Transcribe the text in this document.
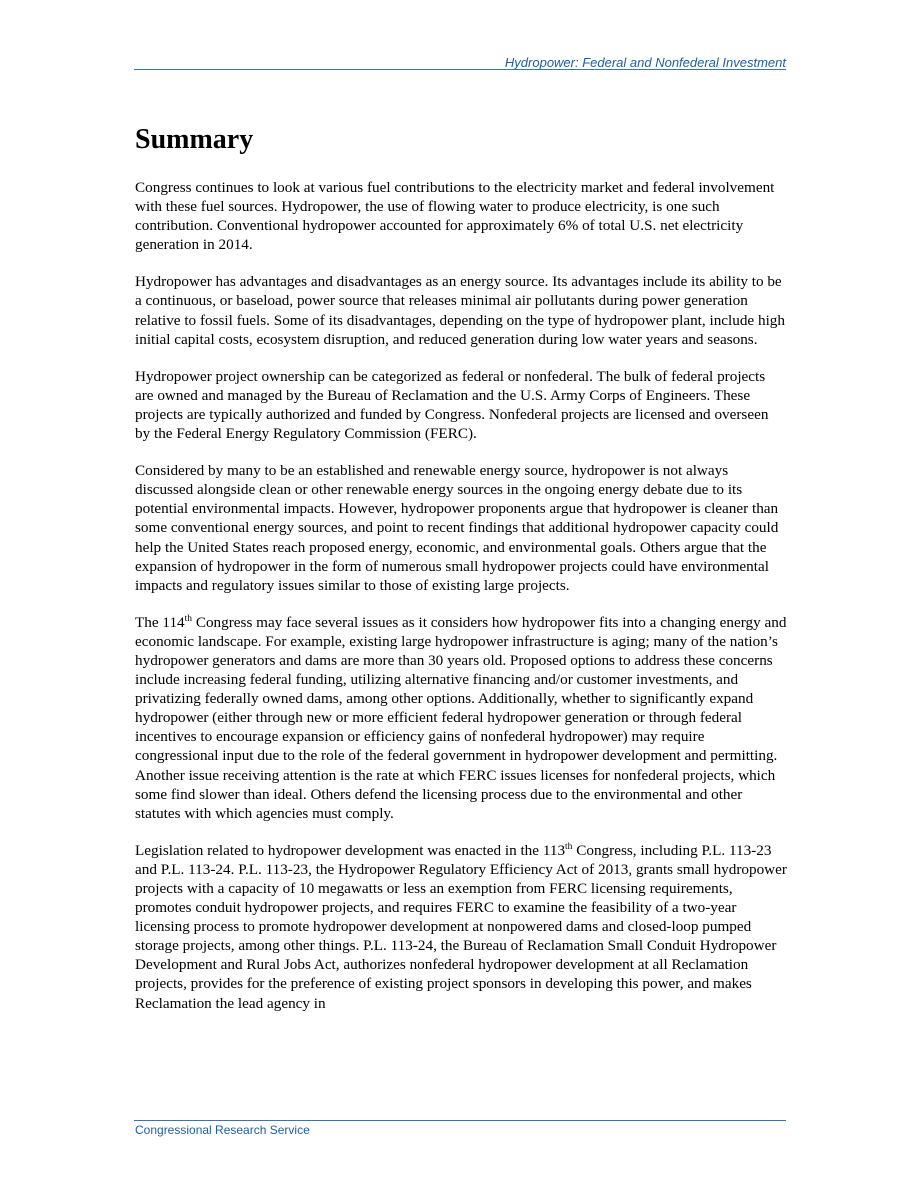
Hydropower: Federal and Nonfederal Investment
Summary

Congress continues to look at various fuel contributions to the electricity market and federal involvement with these fuel sources. Hydropower, the use of flowing water to produce electricity, is one such contribution. Conventional hydropower accounted for approximately 6% of total U.S. net electricity generation in 2014.

Hydropower has advantages and disadvantages as an energy source. Its advantages include its ability to be a continuous, or baseload, power source that releases minimal air pollutants during power generation relative to fossil fuels. Some of its disadvantages, depending on the type of hydropower plant, include high initial capital costs, ecosystem disruption, and reduced generation during low water years and seasons.

Hydropower project ownership can be categorized as federal or nonfederal. The bulk of federal projects are owned and managed by the Bureau of Reclamation and the U.S. Army Corps of Engineers. These projects are typically authorized and funded by Congress. Nonfederal projects are licensed and overseen by the Federal Energy Regulatory Commission (FERC).

Considered by many to be an established and renewable energy source, hydropower is not always discussed alongside clean or other renewable energy sources in the ongoing energy debate due to its potential environmental impacts. However, hydropower proponents argue that hydropower is cleaner than some conventional energy sources, and point to recent findings that additional hydropower capacity could help the United States reach proposed energy, economic, and environmental goals. Others argue that the expansion of hydropower in the form of numerous small hydropower projects could have environmental impacts and regulatory issues similar to those of existing large projects.

The 114th Congress may face several issues as it considers how hydropower fits into a changing energy and economic landscape. For example, existing large hydropower infrastructure is aging; many of the nation’s hydropower generators and dams are more than 30 years old. Proposed options to address these concerns include increasing federal funding, utilizing alternative financing and/or customer investments, and privatizing federally owned dams, among other options. Additionally, whether to significantly expand hydropower (either through new or more efficient federal hydropower generation or through federal incentives to encourage expansion or efficiency gains of nonfederal hydropower) may require congressional input due to the role of the federal government in hydropower development and permitting. Another issue receiving attention is the rate at which FERC issues licenses for nonfederal projects, which some find slower than ideal. Others defend the licensing process due to the environmental and other statutes with which agencies must comply.

Legislation related to hydropower development was enacted in the 113th Congress, including P.L. 113-23 and P.L. 113-24. P.L. 113-23, the Hydropower Regulatory Efficiency Act of 2013, grants small hydropower projects with a capacity of 10 megawatts or less an exemption from FERC licensing requirements, promotes conduit hydropower projects, and requires FERC to examine the feasibility of a two-year licensing process to promote hydropower development at nonpowered dams and closed-loop pumped storage projects, among other things. P.L. 113-24, the Bureau of Reclamation Small Conduit Hydropower Development and Rural Jobs Act, authorizes nonfederal hydropower development at all Reclamation projects, provides for the preference of existing project sponsors in developing this power, and makes Reclamation the lead agency in

Congressional Research Service
